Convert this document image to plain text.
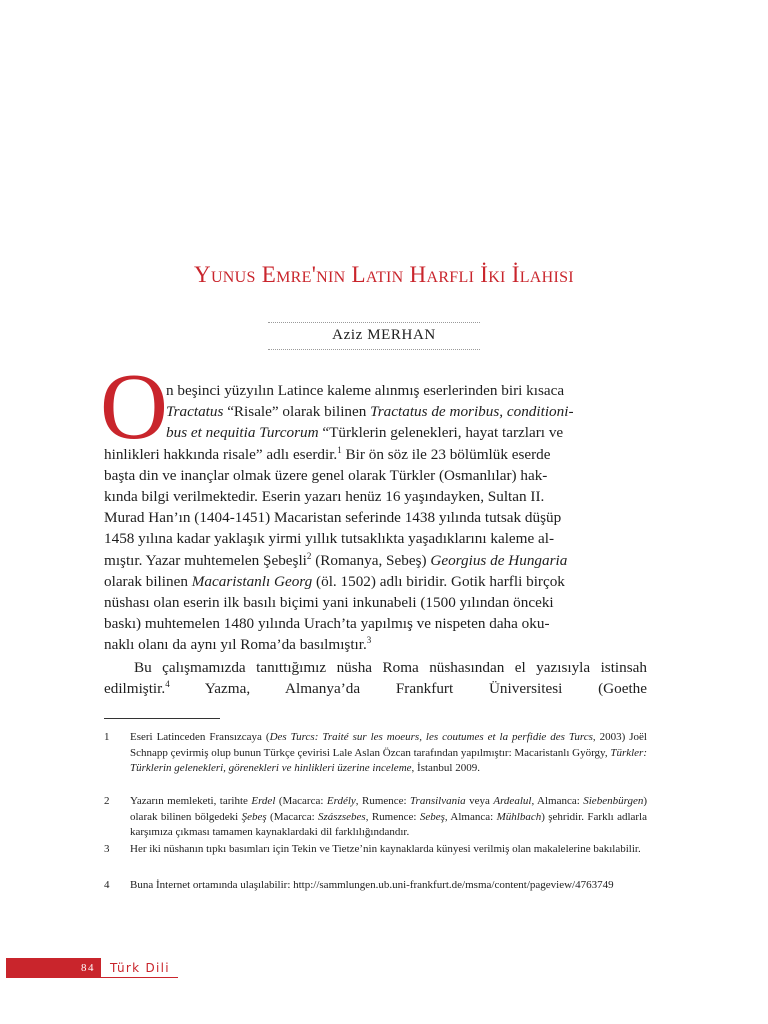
Yunus Emre'nin Latin Harfli İki İlahisi
Aziz MERHAN
O
n beşinci yüzyılın Latince kaleme alınmış eserlerinden biri kısaca
Tractatus “Risale” olarak bilinen Tractatus de moribus, conditioni-
bus et nequitia Turcorum “Türklerin gelenekleri, hayat tarzları ve
hinlikleri hakkında risale” adlı eserdir.$^1$ Bir ön söz ile 23 bölümlük eserde
başta din ve inançlar olmak üzere genel olarak Türkler (Osmanlılar) hak-
kında bilgi verilmektedir. Eserin yazarı henüz 16 yaşındayken, Sultan II.
Murad Han’ın (1404-1451) Macaristan seferinde 1438 yılında tutsak düşüp
1458 yılına kadar yaklaşık yirmi yıllık tutsaklıkta yaşadıklarını kaleme al-
mıştır. Yazar muhtemelen Şebeşli$^2$ (Romanya, Sebeş) Georgius de Hungaria
olarak bilinen Macaristanlı Georg (öl. 1502) adlı biridir. Gotik harfli birçok
nüshası olan eserin ilk basılı biçimi yani inkunabeli (1500 yılından önceki
baskı) muhtemelen 1480 yılında Urach’ta yapılmış ve nispeten daha oku-
naklı olanı da aynı yıl Roma’da basılmıştır.$^3$
Bu çalışmamızda tanıttığımız nüsha Roma nüshasından el yazısıyla istinsah edilmiştir.$^4$ Yazma, Almanya’da Frankfurt Üniversitesi (Goethe
1 Eseri Latinceden Fransızcaya (Des Turcs: Traité sur les moeurs, les coutumes et la perfidie des Turcs, 2003) Joël Schnapp çevirmiş olup bunun Türkçe çevirisi Lale Aslan Özcan tarafından yapılmıştır: Macaristanlı György, Türkler: Türklerin gelenekleri, görenekleri ve hinlikleri üzerine inceleme, İstanbul 2009.
2 Yazarın memleketi, tarihte Erdel (Macarca: Erdély, Rumence: Transilvania veya Ardealul, Almanca: Siebenbürgen) olarak bilinen bölgedeki Şebeş (Macarca: Szászsebes, Rumence: Sebeş, Almanca: Mühlbach) şehridir. Farklı adlarla karşımıza çıkması tamamen kaynaklardaki dil farklılığındandır.
3 Her iki nüshanın tıpkı basımları için Tekin ve Tietze’nin kaynaklarda künyesi verilmiş olan makalelerine bakılabilir.
4 Buna İnternet ortamında ulaşılabilir: http://sammlungen.ub.uni-frankfurt.de/msma/content/pageview/4763749
84 Türk Dili
